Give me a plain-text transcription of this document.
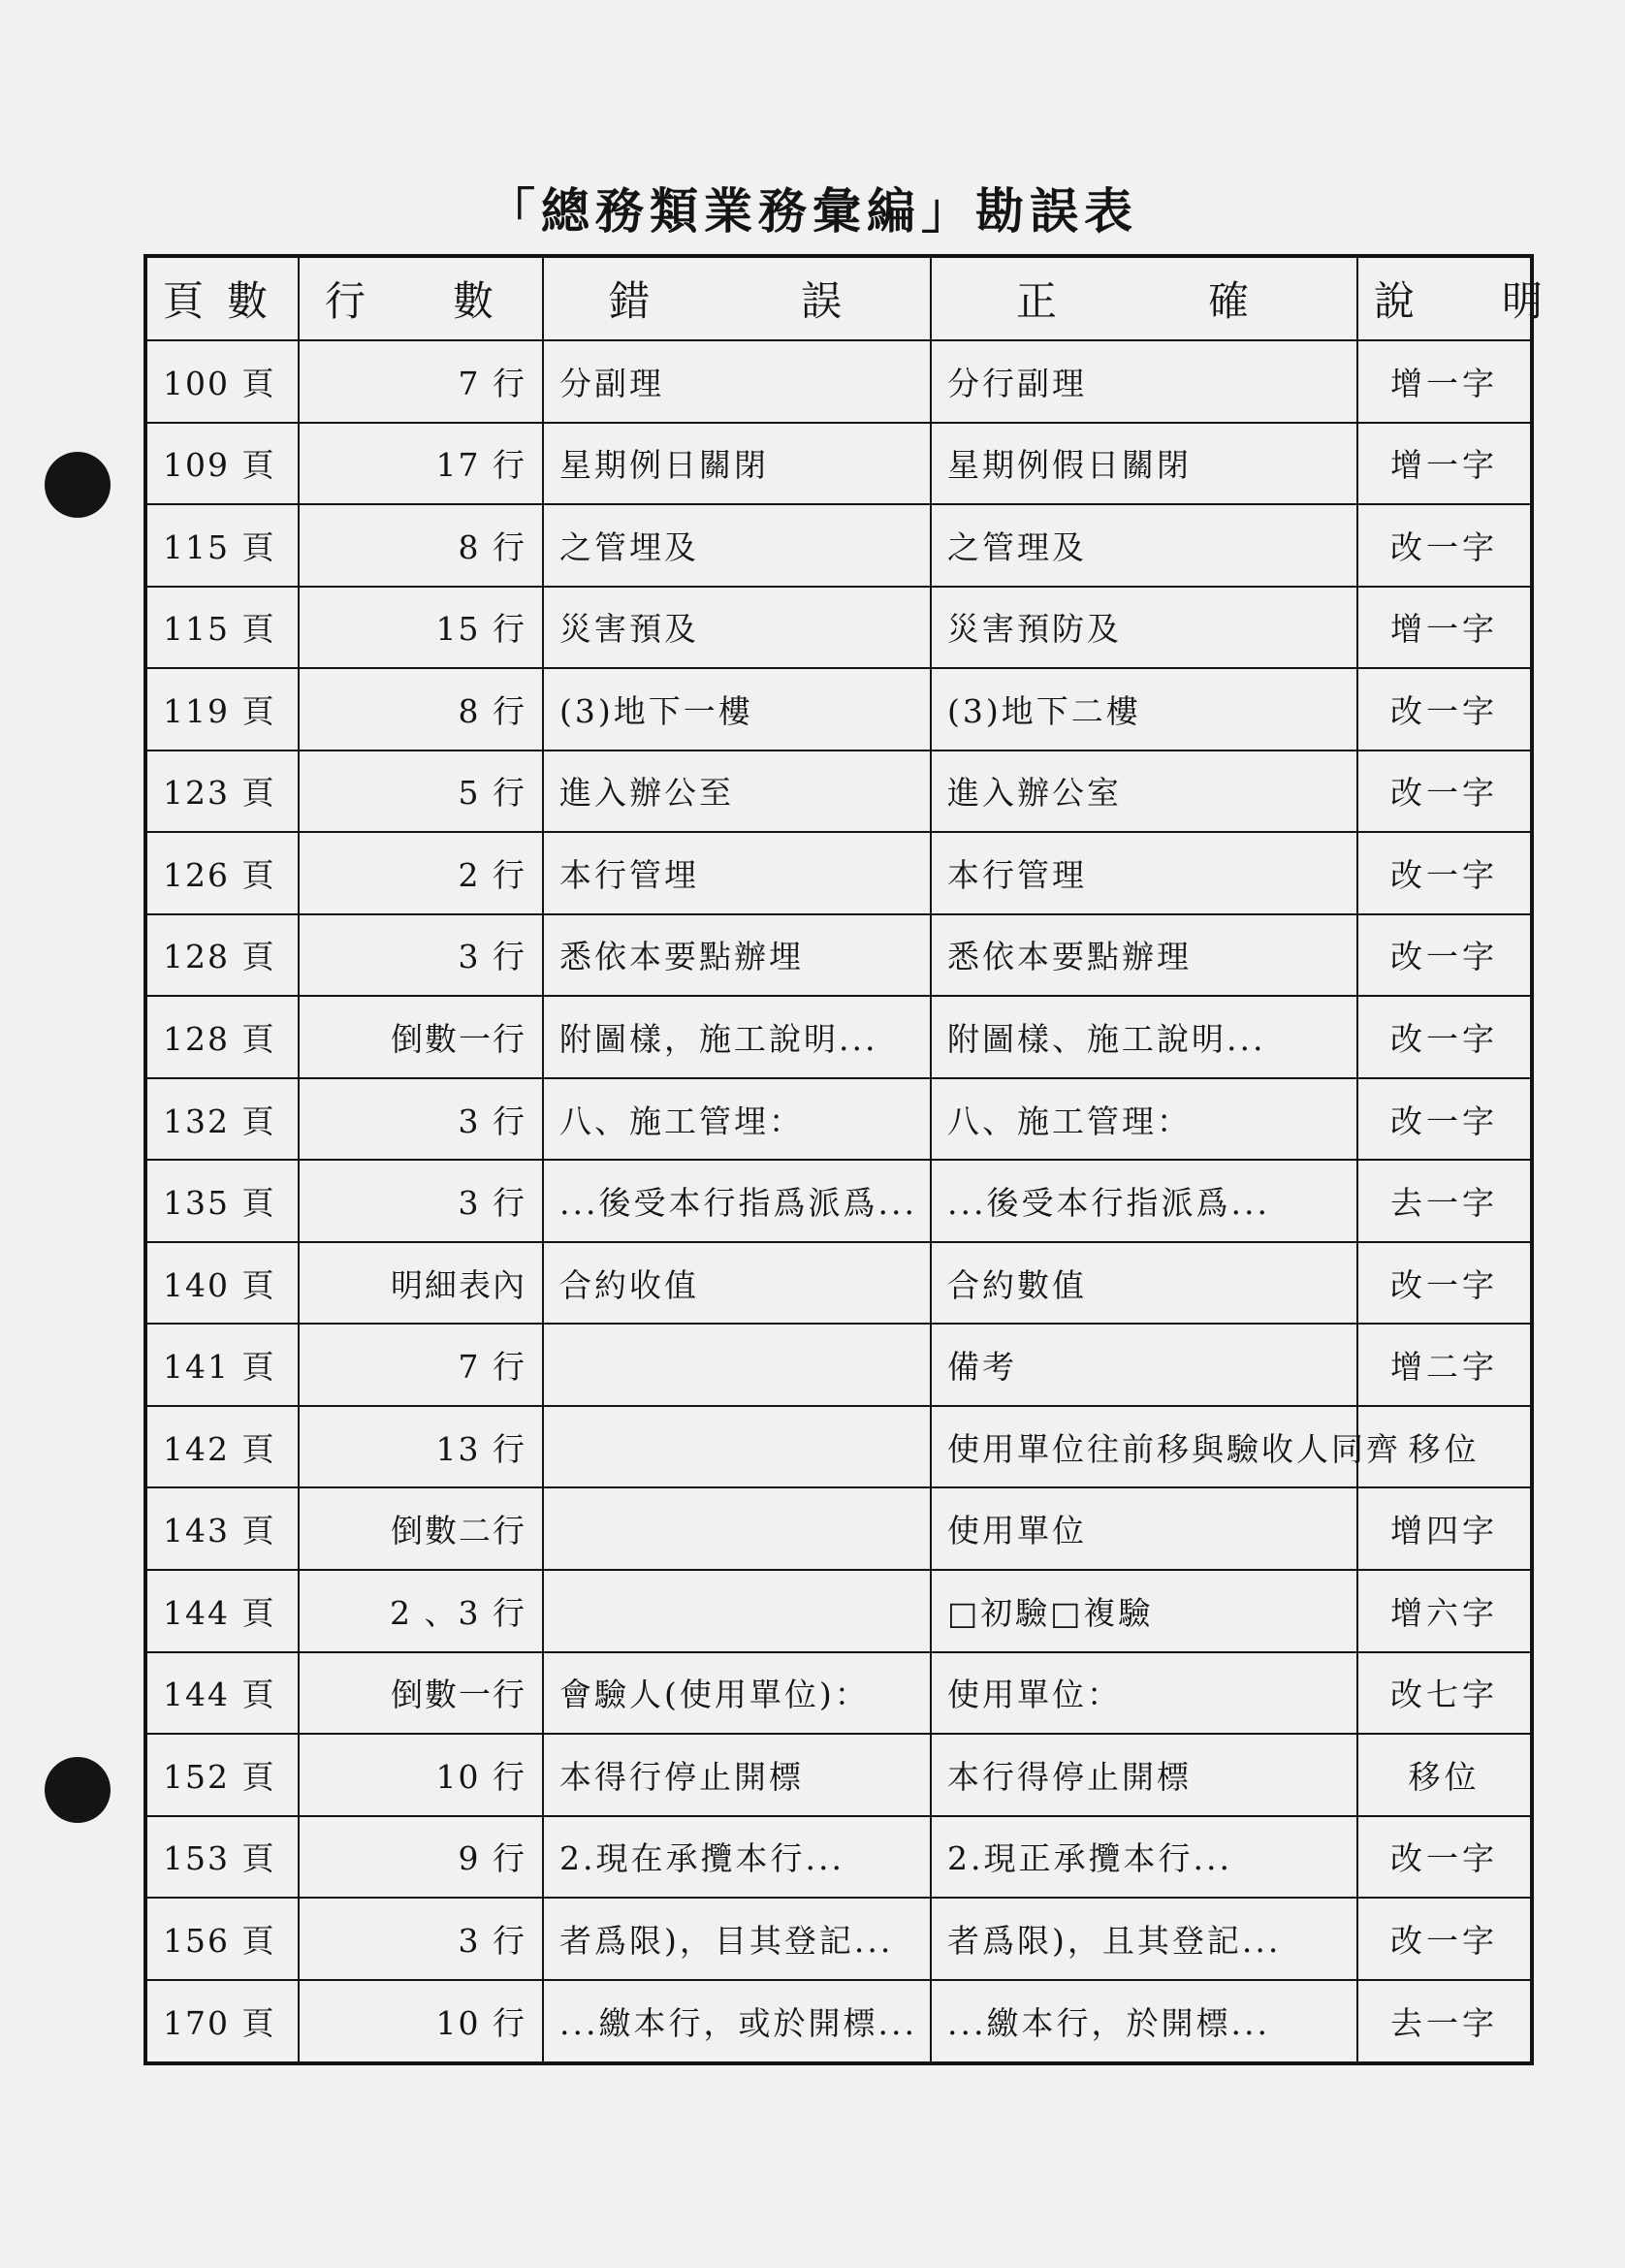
「總務類業務彙編」勘誤表
頁數	行　數	錯　　誤	正　　確	說　明
100 頁	7 行	分副理	分行副理	增一字
109 頁	17 行	星期例日關閉	星期例假日關閉	增一字
115 頁	8 行	之管埋及	之管理及	改一字
115 頁	15 行	災害預及	災害預防及	增一字
119 頁	8 行	(3)地下一樓	(3)地下二樓	改一字
123 頁	5 行	進入辦公至	進入辦公室	改一字
126 頁	2 行	本行管埋	本行管理	改一字
128 頁	3 行	悉依本要點辦埋	悉依本要點辦理	改一字
128 頁	倒數一行	附圖樣，施工說明...	附圖樣、施工說明...	改一字
132 頁	3 行	八、施工管埋：	八、施工管理：	改一字
135 頁	3 行	...後受本行指爲派爲...	...後受本行指派爲...	去一字
140 頁	明細表內	合約收值	合約數值	改一字
141 頁	7 行		備考	增二字
142 頁	13 行		使用單位往前移與驗收人同齊	移位
143 頁	倒數二行		使用單位	增四字
144 頁	2 、3 行		□初驗□複驗	增六字
144 頁	倒數一行	會驗人(使用單位)：	使用單位：	改七字
152 頁	10 行	本得行停止開標	本行得停止開標	移位
153 頁	9 行	2.現在承攬本行...	2.現正承攬本行...	改一字
156 頁	3 行	者爲限)，目其登記...	者爲限)，且其登記...	改一字
170 頁	10 行	...繳本行，或於開標...	...繳本行，於開標...	去一字
